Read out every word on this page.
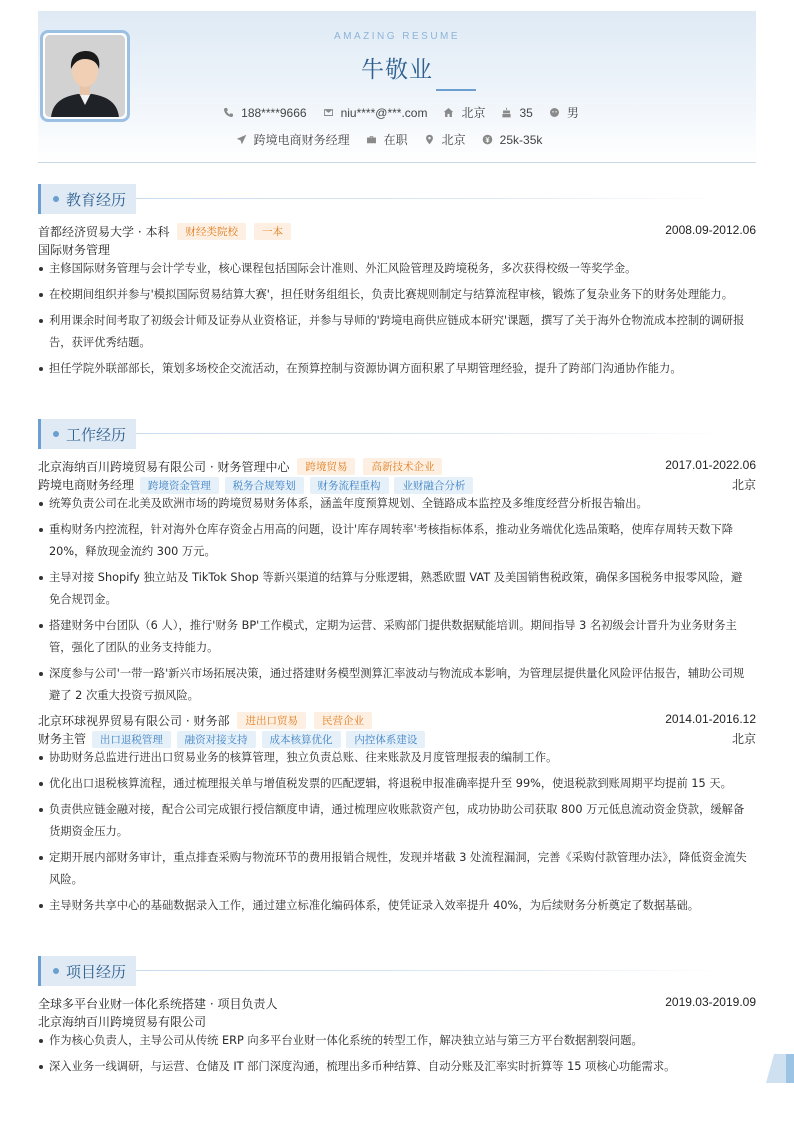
AMAZING RESUME
牛敬业
188****9666	niu****@***.com	北京	35	男
跨境电商财务经理	在职	北京	25k-35k
教育经历
首都经济贸易大学 · 本科	财经类院校	一本	2008.09-2012.06
国际财务管理
主修国际财务管理与会计学专业，核心课程包括国际会计准则、外汇风险管理及跨境税务，多次获得校级一等奖学金。
在校期间组织并参与'模拟国际贸易结算大赛'，担任财务组组长，负责比赛规则制定与结算流程审核，锻炼了复杂业务下的财务处理能力。
利用课余时间考取了初级会计师及证券从业资格证，并参与导师的'跨境电商供应链成本研究'课题，撰写了关于海外仓物流成本控制的调研报告，获评优秀结题。
担任学院外联部部长，策划多场校企交流活动，在预算控制与资源协调方面积累了早期管理经验，提升了跨部门沟通协作能力。
工作经历
北京海纳百川跨境贸易有限公司 · 财务管理中心	跨境贸易	高新技术企业	2017.01-2022.06
跨境电商财务经理 跨境资金管理 税务合规筹划 财务流程重构 业财融合分析	北京
统筹负责公司在北美及欧洲市场的跨境贸易财务体系，涵盖年度预算规划、全链路成本监控及多维度经营分析报告输出。
重构财务内控流程，针对海外仓库存资金占用高的问题，设计'库存周转率'考核指标体系，推动业务端优化选品策略，使库存周转天数下降 20%，释放现金流约 300 万元。
主导对接 Shopify 独立站及 TikTok Shop 等新兴渠道的结算与分账逻辑，熟悉欧盟 VAT 及美国销售税政策，确保多国税务申报零风险，避免合规罚金。
搭建财务中台团队（6 人），推行'财务 BP'工作模式，定期为运营、采购部门提供数据赋能培训。期间指导 3 名初级会计晋升为业务财务主管，强化了团队的业务支持能力。
深度参与公司'一带一路'新兴市场拓展决策，通过搭建财务模型测算汇率波动与物流成本影响，为管理层提供量化风险评估报告，辅助公司规避了 2 次重大投资亏损风险。
北京环球视界贸易有限公司 · 财务部	进出口贸易	民营企业	2014.01-2016.12
财务主管 出口退税管理 融资对接支持 成本核算优化 内控体系建设	北京
协助财务总监进行进出口贸易业务的核算管理，独立负责总账、往来账款及月度管理报表的编制工作。
优化出口退税核算流程，通过梳理报关单与增值税发票的匹配逻辑，将退税申报准确率提升至 99%，使退税款到账周期平均提前 15 天。
负责供应链金融对接，配合公司完成银行授信额度申请，通过梳理应收账款资产包，成功协助公司获取 800 万元低息流动资金贷款，缓解备货期资金压力。
定期开展内部财务审计，重点排查采购与物流环节的费用报销合规性，发现并堵截 3 处流程漏洞，完善《采购付款管理办法》，降低资金流失风险。
主导财务共享中心的基础数据录入工作，通过建立标准化编码体系，使凭证录入效率提升 40%，为后续财务分析奠定了数据基础。
项目经历
全球多平台业财一体化系统搭建 · 项目负责人	2019.03-2019.09
北京海纳百川跨境贸易有限公司
作为核心负责人，主导公司从传统 ERP 向多平台业财一体化系统的转型工作，解决独立站与第三方平台数据割裂问题。
深入业务一线调研，与运营、仓储及 IT 部门深度沟通，梳理出多币种结算、自动分账及汇率实时折算等 15 项核心功能需求。
